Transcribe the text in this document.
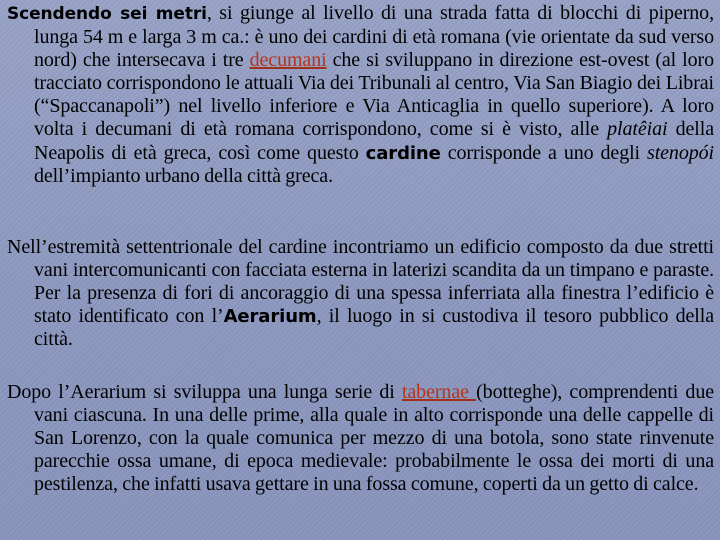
Scendendo sei metri, si giunge al livello di una strada fatta di blocchi di piperno, lunga 54 m e larga 3 m ca.: è uno dei cardini di età romana (vie orientate da sud verso nord) che intersecava i tre decumani che si sviluppano in direzione est-ovest (al loro tracciato corrispondono le attuali Via dei Tribunali al centro, Via San Biagio dei Librai (“Spaccanapoli”) nel livello inferiore e Via Anticaglia in quello superiore). A loro volta i decumani di età romana corrispondono, come si è visto, alle platêiai della Neapolis di età greca, così come questo cardine corrisponde a uno degli stenopói dell’impianto urbano della città greca.

Nell’estremità settentrionale del cardine incontriamo un edificio composto da due stretti vani intercomunicanti con facciata esterna in laterizi scandita da un timpano e paraste. Per la presenza di fori di ancoraggio di una spessa inferriata alla finestra l’edificio è stato identificato con l’Aerarium, il luogo in si custodiva il tesoro pubblico della città.

Dopo l’Aerarium si sviluppa una lunga serie di tabernae (botteghe), comprendenti due vani ciascuna. In una delle prime, alla quale in alto corrisponde una delle cappelle di San Lorenzo, con la quale comunica per mezzo di una botola, sono state rinvenute parecchie ossa umane, di epoca medievale: probabilmente le ossa dei morti di una pestilenza, che infatti usava gettare in una fossa comune, coperti da un getto di calce.
